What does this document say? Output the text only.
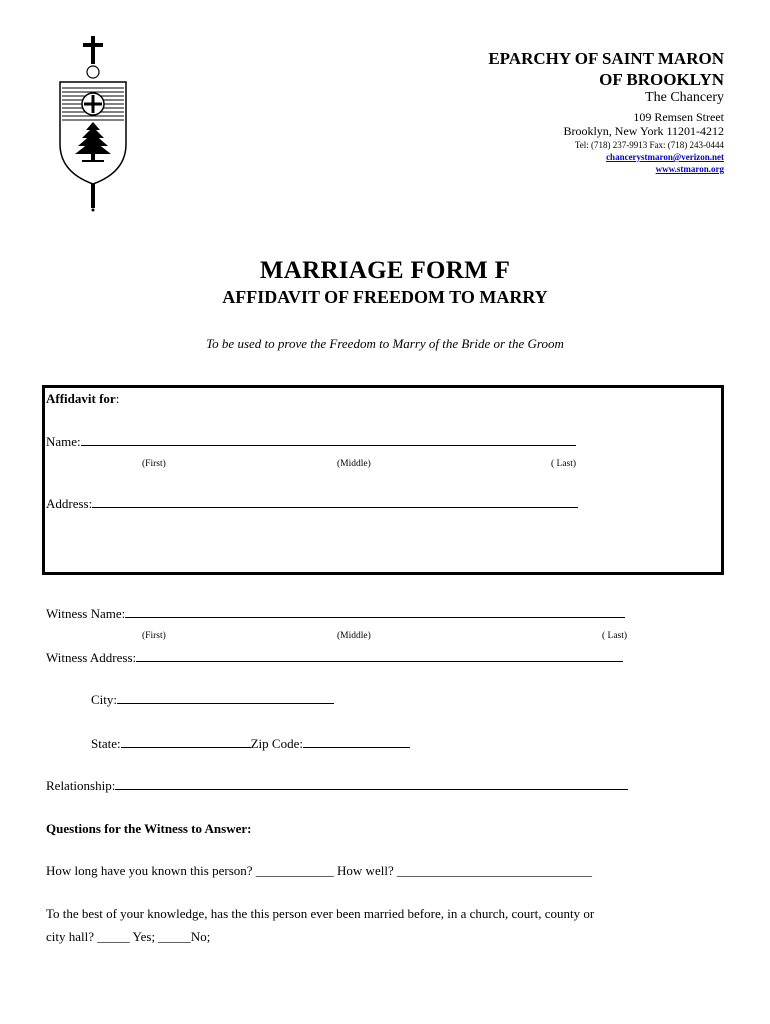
EPARCHY OF SAINT MARON
OF BROOKLYN
The Chancery
109 Remsen Street
Brooklyn, New York 11201-4212
Tel: (718) 237-9913 Fax: (718) 243-0444
chancerystmaron@verizon.net
www.stmaron.org
MARRIAGE FORM F
AFFIDAVIT OF FREEDOM TO MARRY
To be used to prove the Freedom to Marry of the Bride or the Groom
Affidavit for:
Name:
(First)	(Middle)	( Last)
Address:
Witness Name:
(First)	(Middle)	( Last)
Witness Address:
City:
State:	Zip Code:
Relationship:
Questions for the Witness to Answer:
How long have you known this person? ____________ How well? ______________________________
To the best of your knowledge, has the this person ever been married before, in a church, court, county or
city hall? _____ Yes; _____No;
